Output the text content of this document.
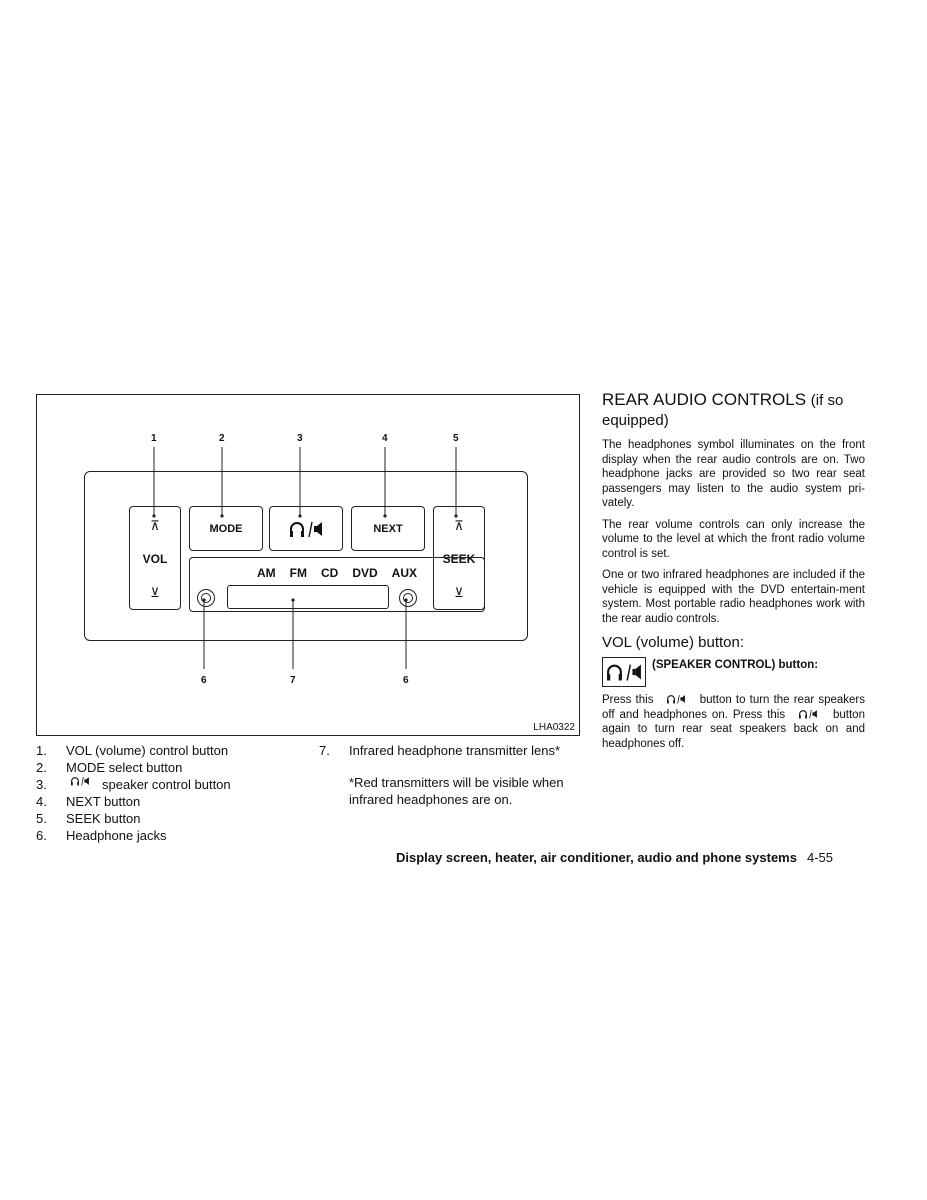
1	2	3	4	5
6	7	6
⊼
VOL
⊻
MODE	NEXT	⊼
SEEK
⊻
AM FM CD DVD AUX
LHA0322
1.	VOL (volume) control button
2.	MODE select button
3.	speaker control button
4.	NEXT button
5.	SEEK button
6.	Headphone jacks
7.	Infrared headphone transmitter lens*
*Red transmitters will be visible when infrared headphones are on.
REAR AUDIO CONTROLS (if so equipped)

The headphones symbol illuminates on the front display when the rear audio controls are on. Two headphone jacks are provided so two rear seat passengers may listen to the audio system pri-vately.

The rear volume controls can only increase the volume to the level at which the front radio volume control is set.

One or two infrared headphones are included if the vehicle is equipped with the DVD entertain-ment system. Most portable radio headphones work with the rear audio controls.

VOL (volume) button:
(SPEAKER CONTROL) button:

Press this	button to turn the rear speakers off and headphones on. Press this	button again to turn rear seat speakers back on and headphones off.

Display screen, heater, air conditioner, audio and phone systems 4-55
